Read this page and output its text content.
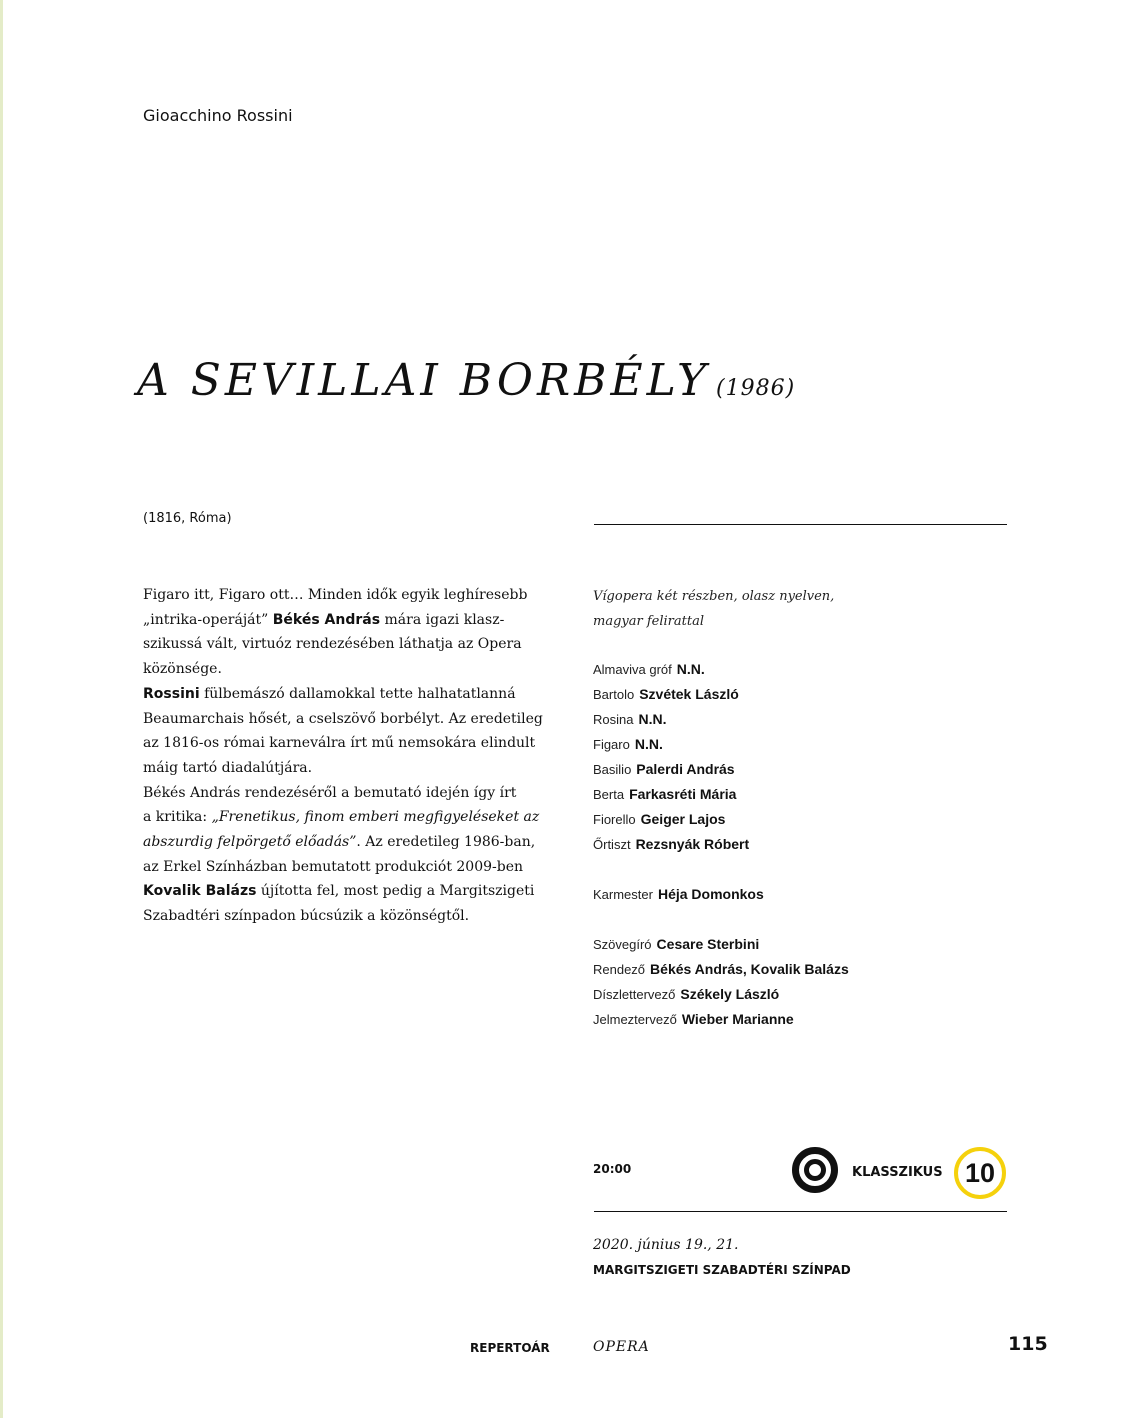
Gioacchino Rossini
A SEVILLAI BORBÉLY (1986)
(1816, Róma)
Figaro itt, Figaro ott… Minden idők egyik leghíresebb
„intrika-operáját” Békés András mára igazi klasz-
szikussá vált, virtuóz rendezésében láthatja az Opera
közönsége.
Rossini fülbemászó dallamokkal tette halhatatlanná
Beaumarchais hősét, a cselszövő borbélyt. Az eredetileg
az 1816-os római karneválra írt mű nemsokára elindult
máig tartó diadalútjára.
Békés András rendezéséről a bemutató idején így írt
a kritika: „Frenetikus, finom emberi megfigyeléseket az
abszurdig felpörgető előadás”. Az eredetileg 1986-ban,
az Erkel Színházban bemutatott produkciót 2009-ben
Kovalik Balázs újította fel, most pedig a Margitszigeti
Szabadtéri színpadon búcsúzik a közönségtől.
Vígopera két részben, olasz nyelven,
magyar felirattal
Almaviva gróf N.N.
Bartolo Szvétek László
Rosina N.N.
Figaro N.N.
Basilio Palerdi András
Berta Farkasréti Mária
Fiorello Geiger Lajos
Őrtiszt Rezsnyák Róbert
Karmester Héja Domonkos
Szövegíró Cesare Sterbini
Rendező Békés András, Kovalik Balázs
Díszlettervező Székely László
Jelmeztervező Wieber Marianne
20:00	KLASSZIKUS 10
2020. június 19., 21.
MARGITSZIGETI SZABADTÉRI SZÍNPAD
REPERTOÁR	OPERA	115
